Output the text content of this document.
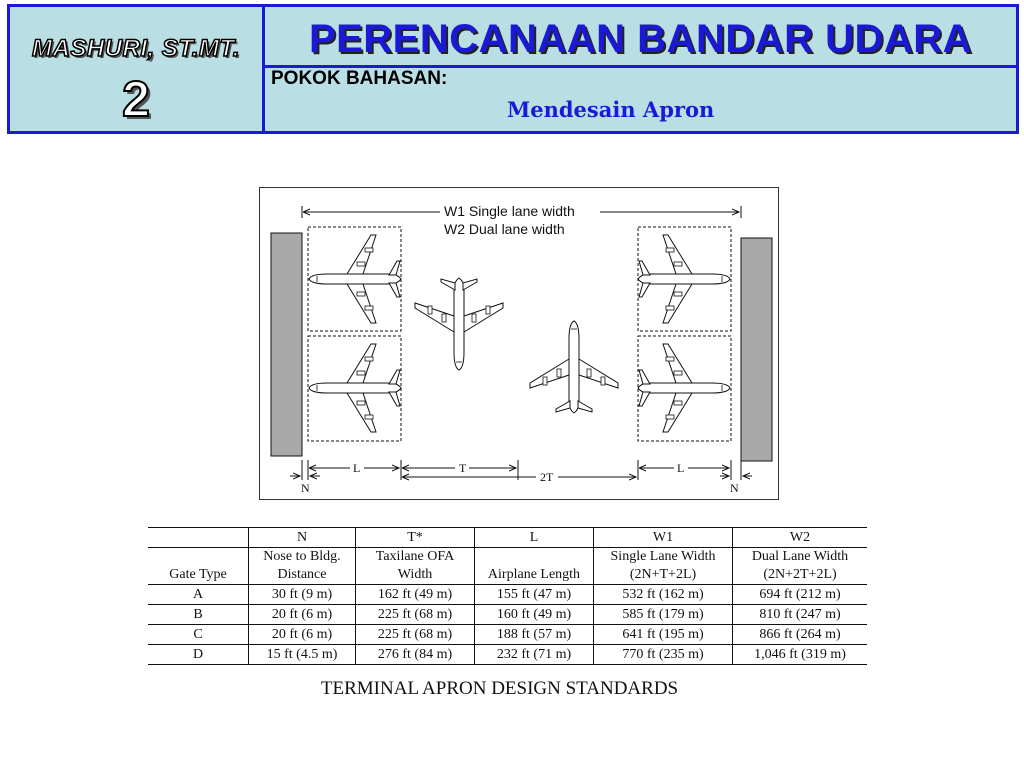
MASHURI, ST.MT.
2
PERENCANAAN BANDAR UDARA
POKOK BAHASAN:
Mendesain Apron
W1 Single lane width
W2 Dual lane width
L	T
2T
L
N	N
	N	T*	L	W1	W2
Gate Type	Nose to Bldg. Distance	Taxilane OFA Width	Airplane Length	Single Lane Width (2N+T+2L)	Dual Lane Width (2N+2T+2L)
A	30 ft (9 m)	162 ft (49 m)	155 ft (47 m)	532 ft (162 m)	694 ft (212 m)
B	20 ft (6 m)	225 ft (68 m)	160 ft (49 m)	585 ft (179 m)	810 ft (247 m)
C	20 ft (6 m)	225 ft (68 m)	188 ft (57 m)	641 ft (195 m)	866 ft (264 m)
D	15 ft (4.5 m)	276 ft (84 m)	232 ft (71 m)	770 ft (235 m)	1,046 ft (319 m)
TERMINAL APRON DESIGN STANDARDS
